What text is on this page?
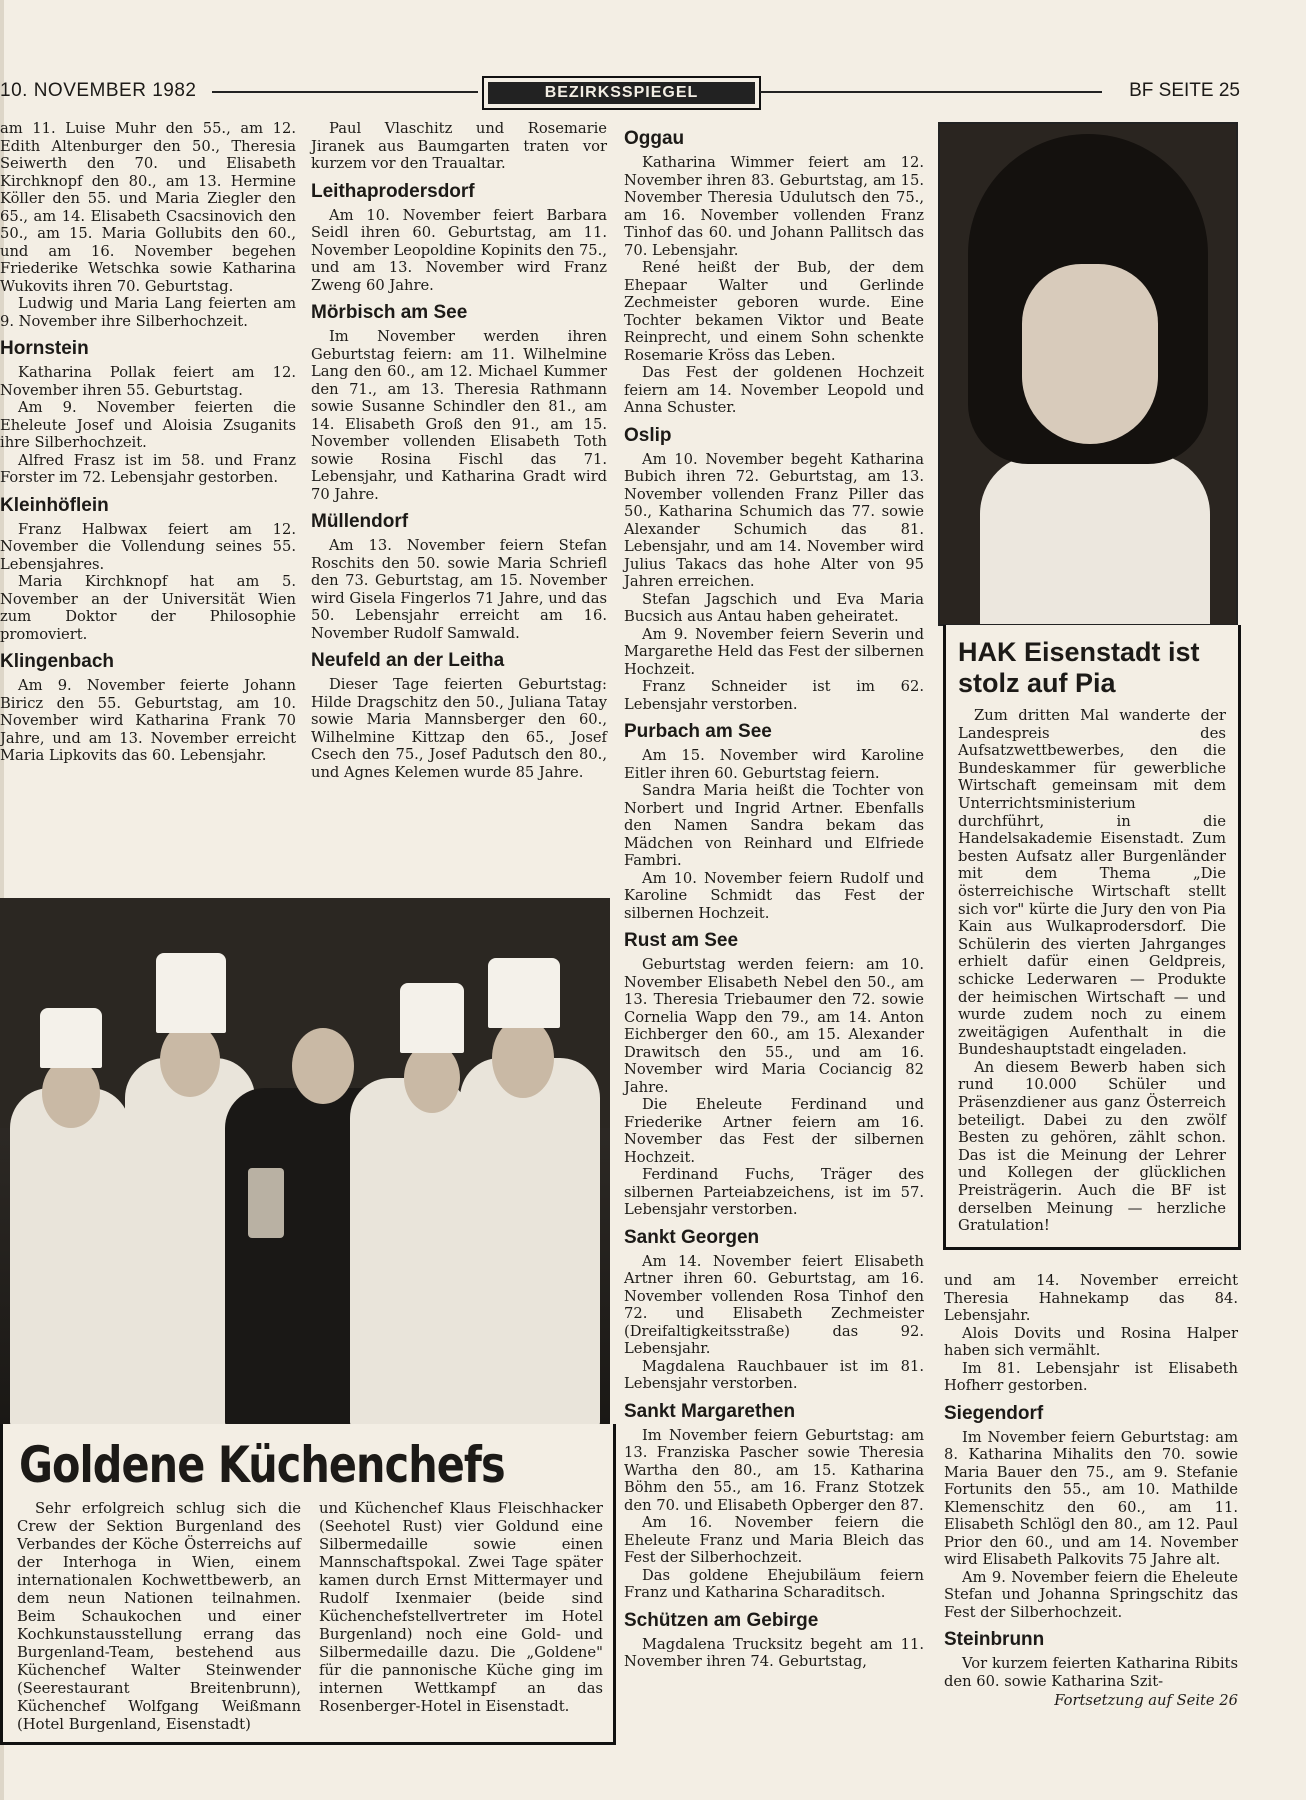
10. NOVEMBER 1982	BEZIRKSSPIEGEL	BF SEITE 25

am 11. Luise Muhr den 55., am 12. Edith Altenburger den 50., Theresia Seiwerth den 70. und Elisabeth Kirchknopf den 80., am 13. Hermine Köller den 55. und Maria Ziegler den 65., am 14. Elisabeth Csacsinovich den 50., am 15. Maria Gollubits den 60., und am 16. November begehen Friederike Wetschka sowie Katharina Wukovits ihren 70. Geburtstag.

Ludwig und Maria Lang feierten am 9. November ihre Silberhochzeit.

Hornstein

Katharina Pollak feiert am 12. November ihren 55. Geburtstag.

Am 9. November feierten die Eheleute Josef und Aloisia Zsuganits ihre Silberhochzeit.

Alfred Frasz ist im 58. und Franz Forster im 72. Lebensjahr gestorben.

Kleinhöflein

Franz Halbwax feiert am 12. November die Vollendung seines 55. Lebensjahres.

Maria Kirchknopf hat am 5. November an der Universität Wien zum Doktor der Philosophie promoviert.

Klingenbach

Am 9. November feierte Johann Biricz den 55. Geburtstag, am 10. November wird Katharina Frank 70 Jahre, und am 13. November erreicht Maria Lipkovits das 60. Lebensjahr.

Paul Vlaschitz und Rosemarie Jiranek aus Baumgarten traten vor kurzem vor den Traualtar.

Leithaprodersdorf

Am 10. November feiert Barbara Seidl ihren 60. Geburtstag, am 11. November Leopoldine Kopinits den 75., und am 13. November wird Franz Zweng 60 Jahre.

Mörbisch am See

Im November werden ihren Geburtstag feiern: am 11. Wilhelmine Lang den 60., am 12. Michael Kummer den 71., am 13. Theresia Rathmann sowie Susanne Schindler den 81., am 14. Elisabeth Groß den 91., am 15. November vollenden Elisabeth Toth sowie Rosina Fischl das 71. Lebensjahr, und Katharina Gradt wird 70 Jahre.

Müllendorf

Am 13. November feiern Stefan Roschits den 50. sowie Maria Schriefl den 73. Geburtstag, am 15. November wird Gisela Fingerlos 71 Jahre, und das 50. Lebensjahr erreicht am 16. November Rudolf Samwald.

Neufeld an der Leitha

Dieser Tage feierten Geburtstag: Hilde Dragschitz den 50., Juliana Tatay sowie Maria Mannsberger den 60., Wilhelmine Kittzap den 65., Josef Csech den 75., Josef Padutsch den 80., und Agnes Kelemen wurde 85 Jahre.

Oggau

Katharina Wimmer feiert am 12. November ihren 83. Geburtstag, am 15. November Theresia Udulutsch den 75., am 16. November vollenden Franz Tinhof das 60. und Johann Pallitsch das 70. Lebensjahr.

René heißt der Bub, der dem Ehepaar Walter und Gerlinde Zechmeister geboren wurde. Eine Tochter bekamen Viktor und Beate Reinprecht, und einem Sohn schenkte Rosemarie Kröss das Leben.

Das Fest der goldenen Hochzeit feiern am 14. November Leopold und Anna Schuster.

Oslip

Am 10. November begeht Katharina Bubich ihren 72. Geburtstag, am 13. November vollenden Franz Piller das 50., Katharina Schumich das 77. sowie Alexander Schumich das 81. Lebensjahr, und am 14. November wird Julius Takacs das hohe Alter von 95 Jahren erreichen.

Stefan Jagschich und Eva Maria Bucsich aus Antau haben geheiratet.

Am 9. November feiern Severin und Margarethe Held das Fest der silbernen Hochzeit.

Franz Schneider ist im 62. Lebensjahr verstorben.

Purbach am See

Am 15. November wird Karoline Eitler ihren 60. Geburtstag feiern.

Sandra Maria heißt die Tochter von Norbert und Ingrid Artner. Ebenfalls den Namen Sandra bekam das Mädchen von Reinhard und Elfriede Fambri.

Am 10. November feiern Rudolf und Karoline Schmidt das Fest der silbernen Hochzeit.

Rust am See

Geburtstag werden feiern: am 10. November Elisabeth Nebel den 50., am 13. Theresia Triebaumer den 72. sowie Cornelia Wapp den 79., am 14. Anton Eichberger den 60., am 15. Alexander Drawitsch den 55., und am 16. November wird Maria Cociancig 82 Jahre.

Die Eheleute Ferdinand und Friederike Artner feiern am 16. November das Fest der silbernen Hochzeit.

Ferdinand Fuchs, Träger des silbernen Parteiabzeichens, ist im 57. Lebensjahr verstorben.

Sankt Georgen

Am 14. November feiert Elisabeth Artner ihren 60. Geburtstag, am 16. November vollenden Rosa Tinhof den 72. und Elisabeth Zechmeister (Dreifaltigkeitsstraße) das 92. Lebensjahr.

Magdalena Rauchbauer ist im 81. Lebensjahr verstorben.

Sankt Margarethen

Im November feiern Geburtstag: am 13. Franziska Pascher sowie Theresia Wartha den 80., am 15. Katharina Böhm den 55., am 16. Franz Stotzek den 70. und Elisabeth Opberger den 87.

Am 16. November feiern die Eheleute Franz und Maria Bleich das Fest der Silberhochzeit.

Das goldene Ehejubiläum feiern Franz und Katharina Scharaditsch.

Schützen am Gebirge

Magdalena Trucksitz begeht am 11. November ihren 74. Geburtstag,

und am 14. November erreicht Theresia Hahnekamp das 84. Lebensjahr.

Alois Dovits und Rosina Halper haben sich vermählt.

Im 81. Lebensjahr ist Elisabeth Hofherr gestorben.

Siegendorf

Im November feiern Geburtstag: am 8. Katharina Mihalits den 70. sowie Maria Bauer den 75., am 9. Stefanie Fortunits den 55., am 10. Mathilde Klemenschitz den 60., am 11. Elisabeth Schlögl den 80., am 12. Paul Prior den 60., und am 14. November wird Elisabeth Palkovits 75 Jahre alt.

Am 9. November feiern die Eheleute Stefan und Johanna Springschitz das Fest der Silberhochzeit.

Steinbrunn

Vor kurzem feierten Katharina Ribits den 60. sowie Katharina Szit-

Fortsetzung auf Seite 26

Goldene Küchenchefs

Sehr erfolgreich schlug sich die Crew der Sektion Burgenland des Verbandes der Köche Österreichs auf der Interhoga in Wien, einem internationalen Kochwettbewerb, an dem neun Nationen teilnahmen. Beim Schaukochen und einer Kochkunstausstellung errang das Burgenland-Team, bestehend aus Küchenchef Walter Steinwender (Seerestaurant Breitenbrunn), Küchenchef Wolfgang Weißmann (Hotel Burgenland, Eisenstadt)

und Küchenchef Klaus Fleischhacker (Seehotel Rust) vier Goldund eine Silbermedaille sowie einen Mannschaftspokal. Zwei Tage später kamen durch Ernst Mittermayer und Rudolf Ixenmaier (beide sind Küchenchefstellvertreter im Hotel Burgenland) noch eine Gold- und Silbermedaille dazu. Die „Goldene" für die pannonische Küche ging im internen Wettkampf an das Rosenberger-Hotel in Eisenstadt.

HAK Eisenstadt ist stolz auf Pia

Zum dritten Mal wanderte der Landespreis des Aufsatzwettbewerbes, den die Bundeskammer für gewerbliche Wirtschaft gemeinsam mit dem Unterrichtsministerium durchführt, in die Handelsakademie Eisenstadt. Zum besten Aufsatz aller Burgenländer mit dem Thema „Die österreichische Wirtschaft stellt sich vor" kürte die Jury den von Pia Kain aus Wulkaprodersdorf. Die Schülerin des vierten Jahrganges erhielt dafür einen Geldpreis, schicke Lederwaren — Produkte der heimischen Wirtschaft — und wurde zudem noch zu einem zweitägigen Aufenthalt in die Bundeshauptstadt eingeladen.

An diesem Bewerb haben sich rund 10.000 Schüler und Präsenzdiener aus ganz Österreich beteiligt. Dabei zu den zwölf Besten zu gehören, zählt schon. Das ist die Meinung der Lehrer und Kollegen der glücklichen Preisträgerin. Auch die BF ist derselben Meinung — herzliche Gratulation!
